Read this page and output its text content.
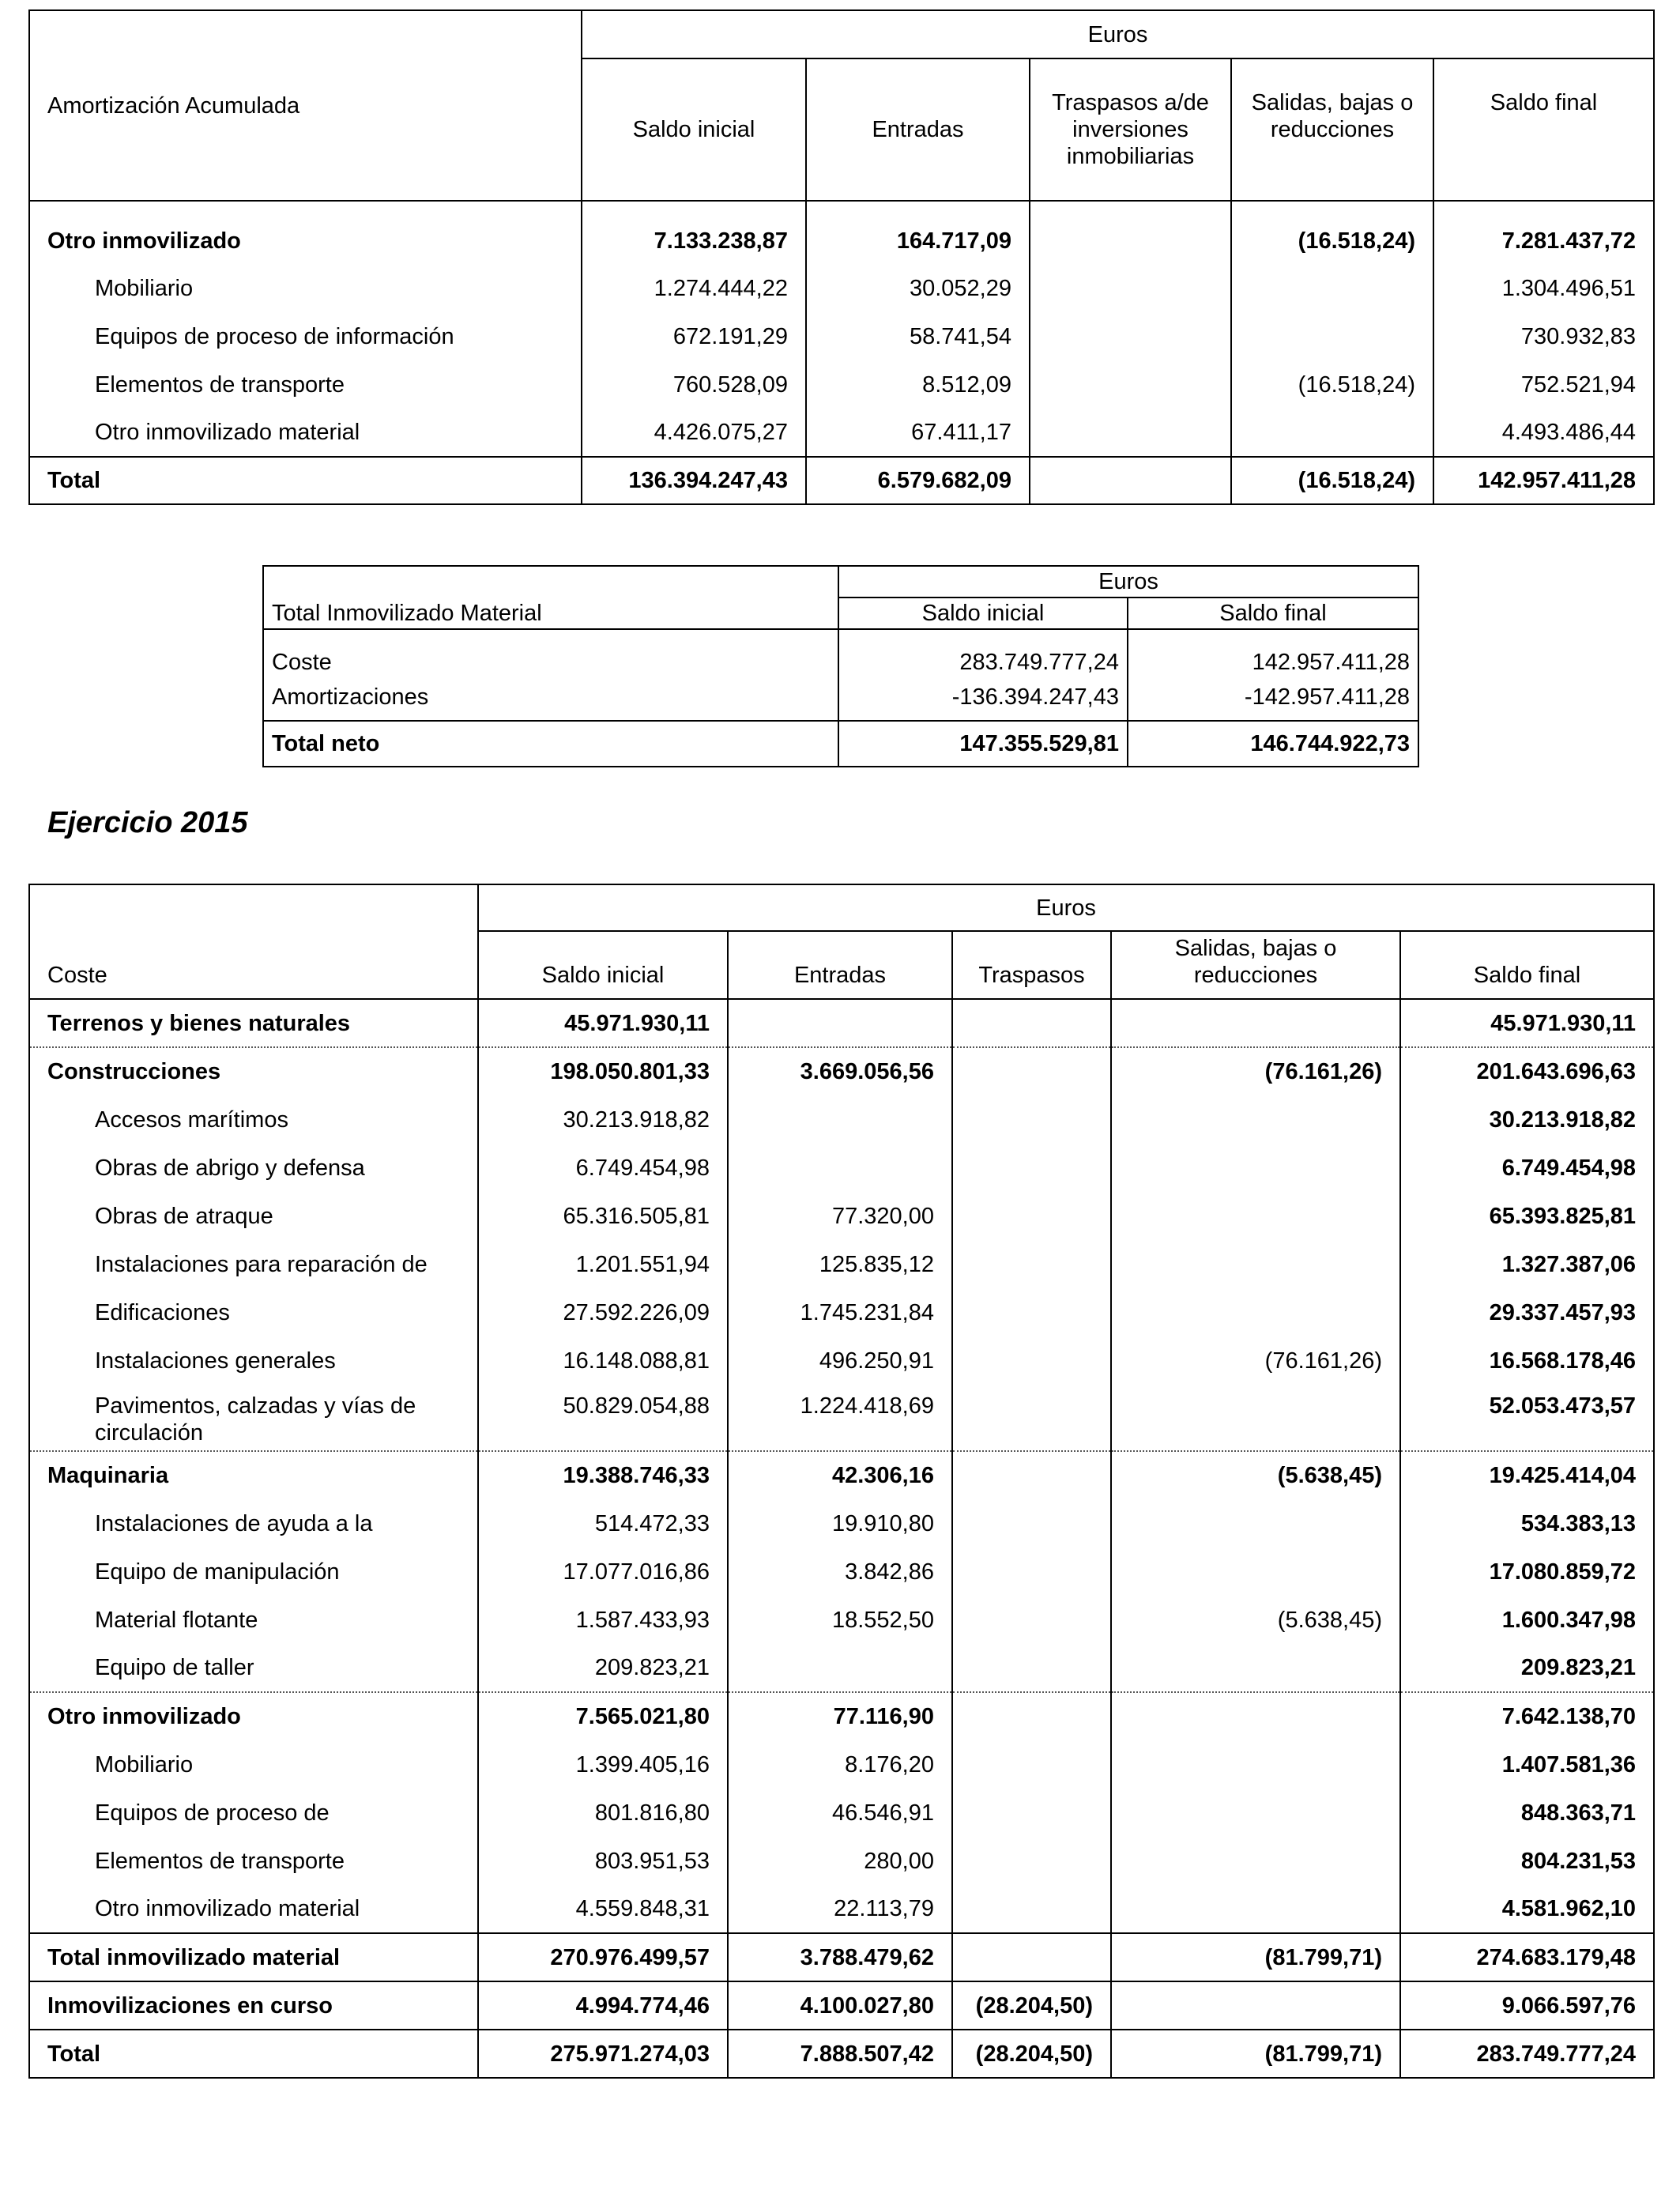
Amortización Acumulada	Euros				
	Saldo inicial	Entradas	Traspasos a/de inversiones inmobiliarias	Salidas, bajas o reducciones	Saldo final
Otro inmovilizado	7.133.238,87	164.717,09		(16.518,24)	7.281.437,72
Mobiliario	1.274.444,22	30.052,29			1.304.496,51
Equipos de proceso de información	672.191,29	58.741,54			730.932,83
Elementos de transporte	760.528,09	8.512,09		(16.518,24)	752.521,94
Otro inmovilizado material	4.426.075,27	67.411,17			4.493.486,44
Total	136.394.247,43	6.579.682,09		(16.518,24)	142.957.411,28
	Euros	
Total Inmovilizado Material	Saldo inicial	Saldo final

Coste	283.749.777,24	142.957.411,28
Amortizaciones	-136.394.247,43	-142.957.411,28

Total neto	147.355.529,81	146.744.922,73
Ejercicio 2015
	Euros				
Coste	Saldo inicial	Entradas	Traspasos	Salidas, bajas o reducciones	Saldo final
Terrenos y bienes naturales	45.971.930,11				45.971.930,11
Construcciones	198.050.801,33	3.669.056,56		(76.161,26)	201.643.696,63
Accesos marítimos	30.213.918,82				30.213.918,82
Obras de abrigo y defensa	6.749.454,98				6.749.454,98
Obras de atraque	65.316.505,81	77.320,00			65.393.825,81
Instalaciones para reparación de	1.201.551,94	125.835,12			1.327.387,06
Edificaciones	27.592.226,09	1.745.231,84			29.337.457,93
Instalaciones generales	16.148.088,81	496.250,91		(76.161,26)	16.568.178,46
Pavimentos, calzadas y vías de circulación	50.829.054,88	1.224.418,69			52.053.473,57
Maquinaria	19.388.746,33	42.306,16		(5.638,45)	19.425.414,04
Instalaciones de ayuda a la	514.472,33	19.910,80			534.383,13
Equipo de manipulación	17.077.016,86	3.842,86			17.080.859,72
Material flotante	1.587.433,93	18.552,50		(5.638,45)	1.600.347,98
Equipo de taller	209.823,21				209.823,21
Otro inmovilizado	7.565.021,80	77.116,90			7.642.138,70
Mobiliario	1.399.405,16	8.176,20			1.407.581,36
Equipos de proceso de	801.816,80	46.546,91			848.363,71
Elementos de transporte	803.951,53	280,00			804.231,53
Otro inmovilizado material	4.559.848,31	22.113,79			4.581.962,10
Total inmovilizado material	270.976.499,57	3.788.479,62		(81.799,71)	274.683.179,48
Inmovilizaciones en curso	4.994.774,46	4.100.027,80	(28.204,50)		9.066.597,76
Total	275.971.274,03	7.888.507,42	(28.204,50)	(81.799,71)	283.749.777,24
